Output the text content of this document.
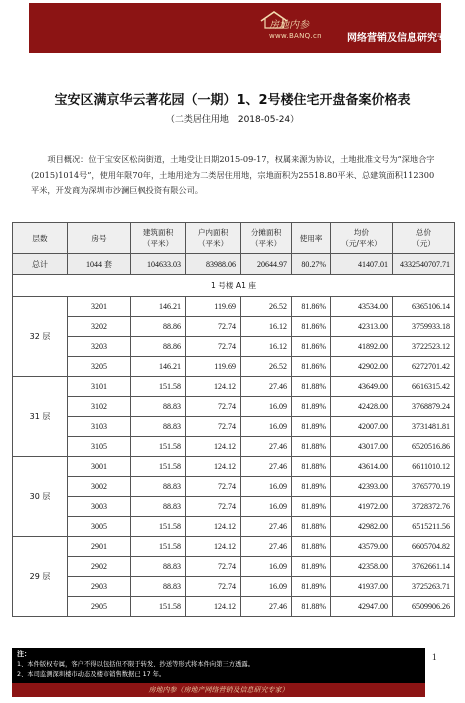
房地内参
www.BANQ.cn	网络营销及信息研究专家
宝安区满京华云著花园（一期）1、2号楼住宅开盘备案价格表
（二类居住用地　2018-05-24）
项目概况：位于宝安区松岗街道，土地受让日期2015-09-17，权属来源为协议，土地批准文号为“深地合字(2015)1014号”，使用年限70年，土地用途为二类居住用地，宗地面积为25518.80平米、总建筑面积112300平米，开发商为深圳市沙澜巨枫投资有限公司。
层数	房号	建筑面积
（平米）	户内面积
（平米）	分摊面积
（平米）	使用率	均价
（元/平米）	总价
（元）
总计	1044 套	104633.03	83988.06	20644.97	80.27%	41407.01	4332540707.71
1 号楼 A1 座							
32 层	3201	146.21	119.69	26.52	81.86%	43534.00	6365106.14
	3202	88.86	72.74	16.12	81.86%	42313.00	3759933.18
	3203	88.86	72.74	16.12	81.86%	41892.00	3722523.12
	3205	146.21	119.69	26.52	81.86%	42902.00	6272701.42
31 层	3101	151.58	124.12	27.46	81.88%	43649.00	6616315.42
	3102	88.83	72.74	16.09	81.89%	42428.00	3768879.24
	3103	88.83	72.74	16.09	81.89%	42007.00	3731481.81
	3105	151.58	124.12	27.46	81.88%	43017.00	6520516.86
30 层	3001	151.58	124.12	27.46	81.88%	43614.00	6611010.12
	3002	88.83	72.74	16.09	81.89%	42393.00	3765770.19
	3003	88.83	72.74	16.09	81.89%	41972.00	3728372.76
	3005	151.58	124.12	27.46	81.88%	42982.00	6515211.56
29 层	2901	151.58	124.12	27.46	81.88%	43579.00	6605704.82
	2902	88.83	72.74	16.09	81.89%	42358.00	3762661.14
	2903	88.83	72.74	16.09	81.89%	41937.00	3725263.71
	2905	151.58	124.12	27.46	81.88%	42947.00	6509906.26
注：
1、本件版权专属，客户不得以包括但不限于转发、抄送等形式将本件向第三方透露。
2、本司监测深圳楼市动态及楼市销售数据已 17 年。
1
房地内参（房地产网络营销及信息研究专家）
